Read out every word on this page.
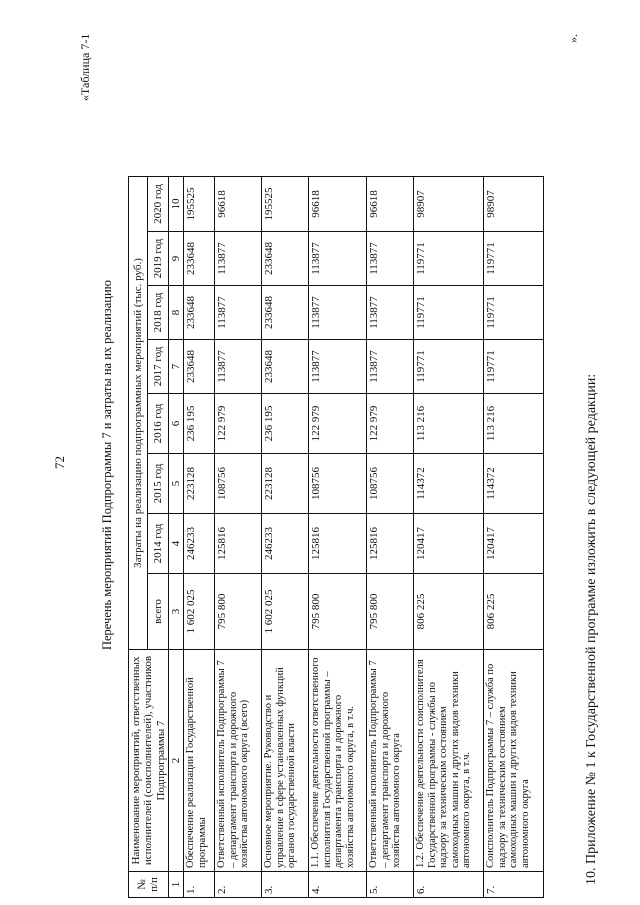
72
«Таблица 7-1
Перечень мероприятий Подпрограммы 7 и затраты на их реализацию
№ п/п	Наименование мероприятий, ответственных исполнителей (соисполнителей), участников Подпрограммы 7	Затраты на реализацию подпрограммных мероприятий (тыс. руб.)							
		всего	2014 год	2015 год	2016 год	2017 год	2018 год	2019 год	2020 год
1	2	3	4	5	6	7	8	9	10
1.	Обеспечение реализации Государственной программы	1 602 025	246233	223128	236 195	233648	233648	233648	195525
2.	Ответственный исполнитель Подпрограммы 7 – департамент транспорта и дорожного хозяйства автономного округа (всего)	795 800	125816	108756	122 979	113877	113877	113877	96618
3.	Основное мероприятие. Руководство и управление в сфере установленных функций органов государственной власти	1 602 025	246233	223128	236 195	233648	233648	233648	195525
4.	1.1. Обеспечение деятельности ответственного исполнителя Государственной программы – департамента транспорта и дорожного хозяйства автономного округа, в т.ч.	795 800	125816	108756	122 979	113877	113877	113877	96618
5.	Ответственный исполнитель Подпрограммы 7 – департамент транспорта и дорожного хозяйства автономного округа	795 800	125816	108756	122 979	113877	113877	113877	96618
6.	1.2. Обеспечение деятельности соисполнителя Государственной программы - службы по надзору за техническим состоянием самоходных машин и других видов техники автономного округа, в т.ч.	806 225	120417	114372	113 216	119771	119771	119771	98907
7.	Соисполнитель Подпрограммы 7 – служба по надзору за техническим состоянием самоходных машин и других видов техники автономного округа	806 225	120417	114372	113 216	119771	119771	119771	98907
».
10. Приложение № 1 к Государственной программе изложить в следующей редакции:
